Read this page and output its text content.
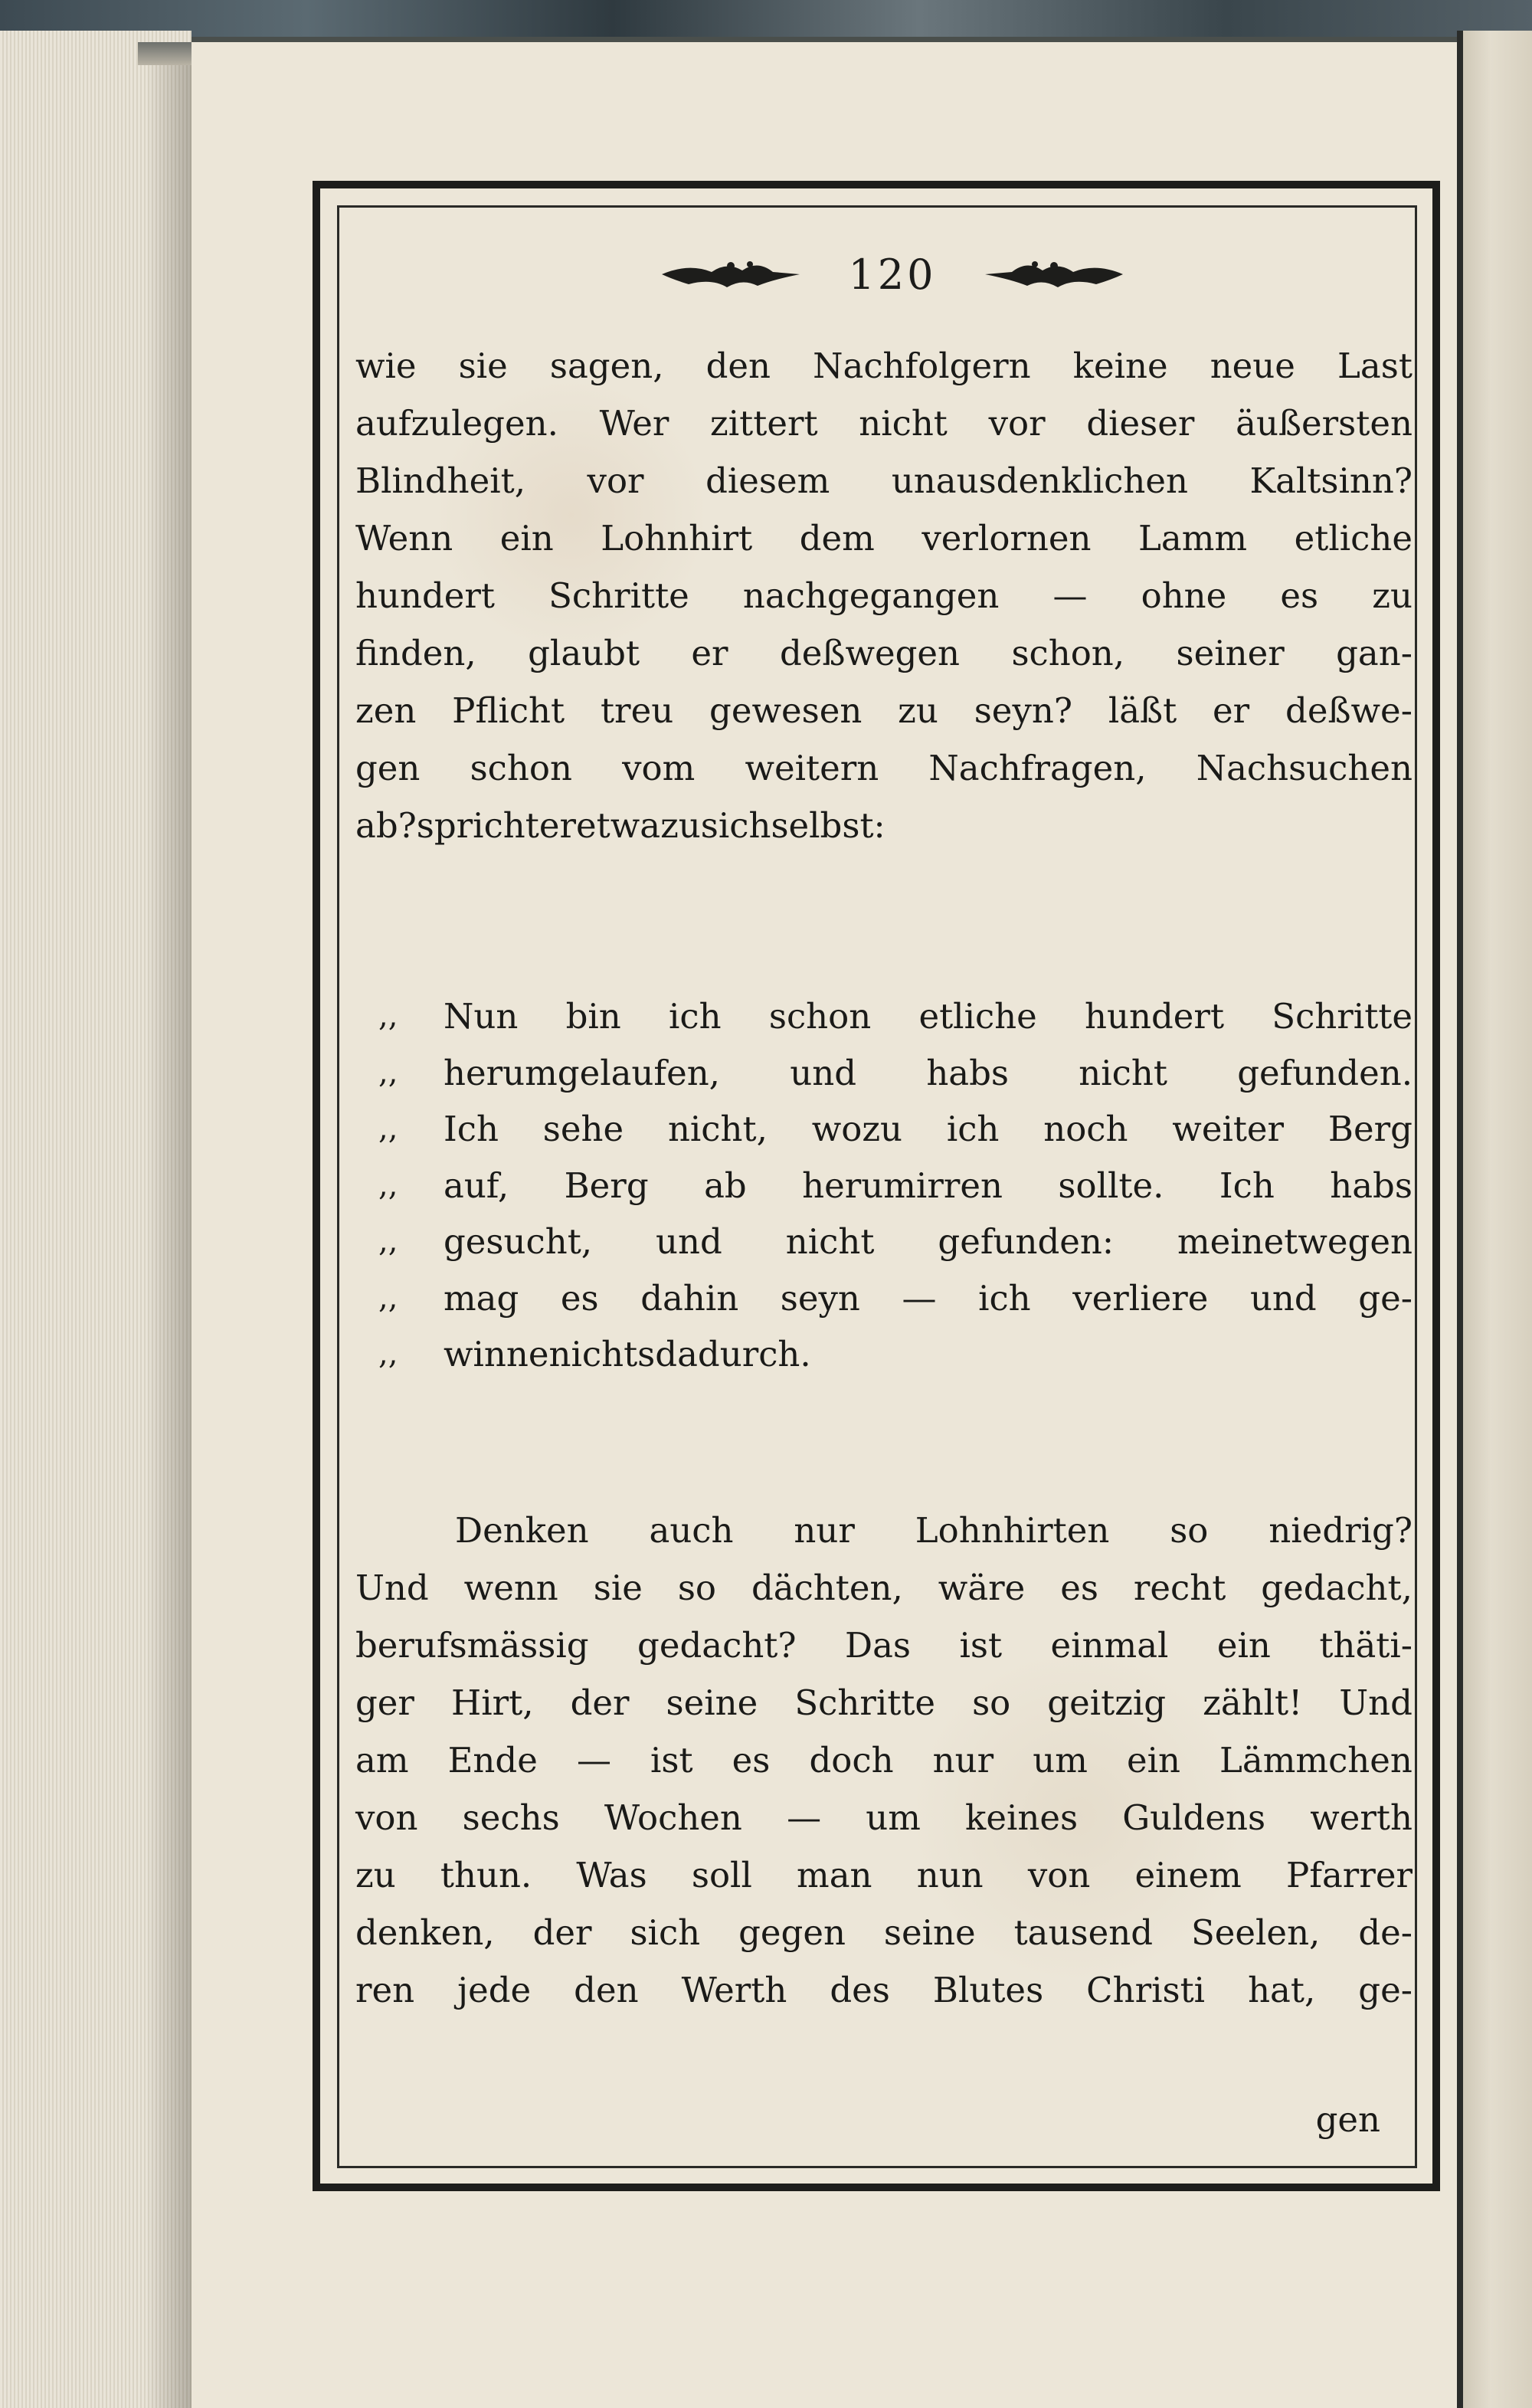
120
wie sie sagen, den Nachfolgern keine neue Last
aufzulegen. Wer zittert nicht vor dieser äußersten
Blindheit, vor diesem unausdenklichen Kaltsinn?
Wenn ein Lohnhirt dem verlornen Lamm etliche
hundert Schritte nachgegangen — ohne es zu
finden, glaubt er deßwegen schon, seiner gan-
zen Pflicht treu gewesen zu seyn? läßt er deßwe-
gen schon vom weitern Nachfragen, Nachsuchen
ab? spricht er etwa zu sich selbst:
,,	Nun bin ich schon etliche hundert Schritte
,,	herumgelaufen, und habs nicht gefunden.
,,	Ich sehe nicht, wozu ich noch weiter Berg
,,	auf, Berg ab herumirren sollte. Ich habs
,,	gesucht, und nicht gefunden: meinetwegen
,,	mag es dahin seyn — ich verliere und ge-
,,	winne nichts dadurch.
Denken auch nur Lohnhirten so niedrig?
Und wenn sie so dächten, wäre es recht gedacht,
berufsmässig gedacht? Das ist einmal ein thäti-
ger Hirt, der seine Schritte so geitzig zählt! Und
am Ende — ist es doch nur um ein Lämmchen
von sechs Wochen — um keines Guldens werth
zu thun. Was soll man nun von einem Pfarrer
denken, der sich gegen seine tausend Seelen, de-
ren jede den Werth des Blutes Christi hat, ge-
gen
